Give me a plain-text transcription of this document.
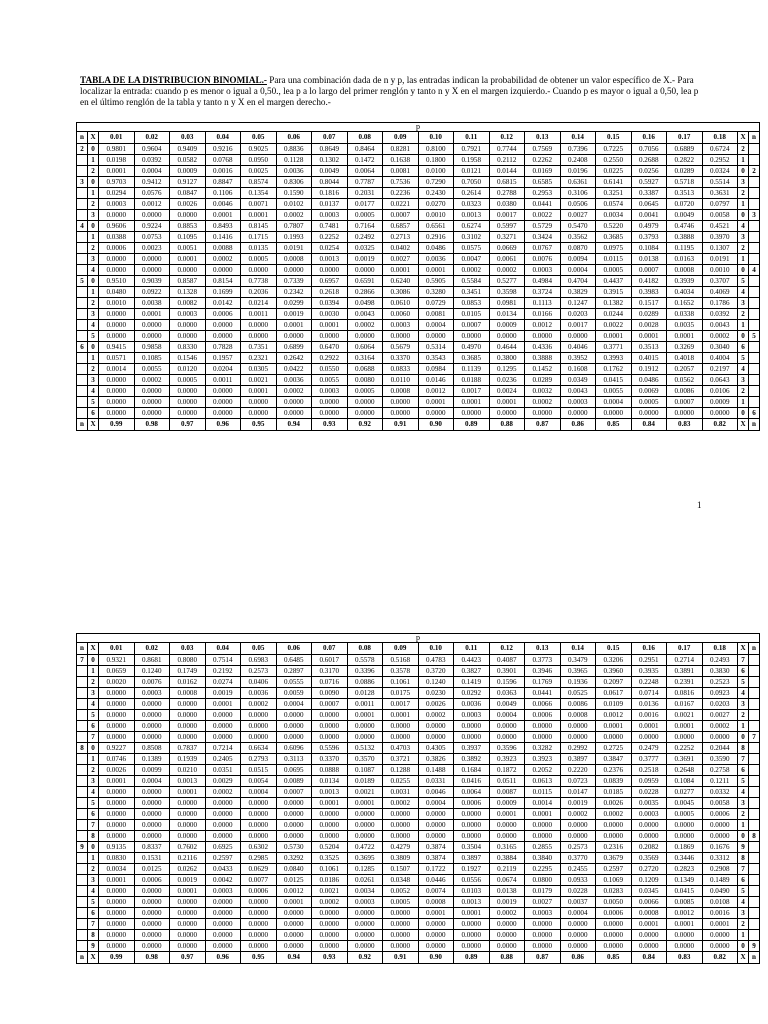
TABLA DE LA DISTRIBUCION BINOMIAL.- Para una combinación dada de n y p, las entradas indican la probabilidad de obtener un valor específico de X.- Para localizar la entrada: cuando p es menor o igual a 0,50., lea p a lo largo del primer renglón y tanto n y X en el margen izquierdo.- Cuando p es mayor o igual a 0,50, lea p en el último renglón de la tabla y tanto n y X en el margen derecho.-
p																					
n	X	0.01	0.02	0.03	0.04	0.05	0.06	0.07	0.08	0.09	0.10	0.11	0.12	0.13	0.14	0.15	0.16	0.17	0.18	X	n
2	0	0.9801	0.9604	0.9409	0.9216	0.9025	0.8836	0.8649	0.8464	0.8281	0.8100	0.7921	0.7744	0.7569	0.7396	0.7225	0.7056	0.6889	0.6724	2	
	1	0.0198	0.0392	0.0582	0.0768	0.0950	0.1128	0.1302	0.1472	0.1638	0.1800	0.1958	0.2112	0.2262	0.2408	0.2550	0.2688	0.2822	0.2952	1	
	2	0.0001	0.0004	0.0009	0.0016	0.0025	0.0036	0.0049	0.0064	0.0081	0.0100	0.0121	0.0144	0.0169	0.0196	0.0225	0.0256	0.0289	0.0324	0	2
3	0	0.9703	0.9412	0.9127	0.8847	0.8574	0.8306	0.8044	0.7787	0.7536	0.7290	0.7050	0.6815	0.6585	0.6361	0.6141	0.5927	0.5718	0.5514	3	
	1	0.0294	0.0576	0.0847	0.1106	0.1354	0.1590	0.1816	0.2031	0.2236	0.2430	0.2614	0.2788	0.2953	0.3106	0.3251	0.3387	0.3513	0.3631	2	
	2	0.0003	0.0012	0.0026	0.0046	0.0071	0.0102	0.0137	0.0177	0.0221	0.0270	0.0323	0.0380	0.0441	0.0506	0.0574	0.0645	0.0720	0.0797	1	
	3	0.0000	0.0000	0.0000	0.0001	0.0001	0.0002	0.0003	0.0005	0.0007	0.0010	0.0013	0.0017	0.0022	0.0027	0.0034	0.0041	0.0049	0.0058	0	3
4	0	0.9606	0.9224	0.8853	0.8493	0.8145	0.7807	0.7481	0.7164	0.6857	0.6561	0.6274	0.5997	0.5729	0.5470	0.5220	0.4979	0.4746	0.4521	4	
	1	0.0388	0.0753	0.1095	0.1416	0.1715	0.1993	0.2252	0.2492	0.2713	0.2916	0.3102	0.3271	0.3424	0.3562	0.3685	0.3793	0.3888	0.3970	3	
	2	0.0006	0.0023	0.0051	0.0088	0.0135	0.0191	0.0254	0.0325	0.0402	0.0486	0.0575	0.0669	0.0767	0.0870	0.0975	0.1084	0.1195	0.1307	2	
	3	0.0000	0.0000	0.0001	0.0002	0.0005	0.0008	0.0013	0.0019	0.0027	0.0036	0.0047	0.0061	0.0076	0.0094	0.0115	0.0138	0.0163	0.0191	1	
	4	0.0000	0.0000	0.0000	0.0000	0.0000	0.0000	0.0000	0.0000	0.0001	0.0001	0.0002	0.0002	0.0003	0.0004	0.0005	0.0007	0.0008	0.0010	0	4
5	0	0.9510	0.9039	0.8587	0.8154	0.7738	0.7339	0.6957	0.6591	0.6240	0.5905	0.5584	0.5277	0.4984	0.4704	0.4437	0.4182	0.3939	0.3707	5	
	1	0.0480	0.0922	0.1328	0.1699	0.2036	0.2342	0.2618	0.2866	0.3086	0.3280	0.3451	0.3598	0.3724	0.3829	0.3915	0.3983	0.4034	0.4069	4	
	2	0.0010	0.0038	0.0082	0.0142	0.0214	0.0299	0.0394	0.0498	0.0610	0.0729	0.0853	0.0981	0.1113	0.1247	0.1382	0.1517	0.1652	0.1786	3	
	3	0.0000	0.0001	0.0003	0.0006	0.0011	0.0019	0.0030	0.0043	0.0060	0.0081	0.0105	0.0134	0.0166	0.0203	0.0244	0.0289	0.0338	0.0392	2	
	4	0.0000	0.0000	0.0000	0.0000	0.0000	0.0001	0.0001	0.0002	0.0003	0.0004	0.0007	0.0009	0.0012	0.0017	0.0022	0.0028	0.0035	0.0043	1	
	5	0.0000	0.0000	0.0000	0.0000	0.0000	0.0000	0.0000	0.0000	0.0000	0.0000	0.0000	0.0000	0.0000	0.0000	0.0001	0.0001	0.0001	0.0002	0	5
6	0	0.9415	0.9858	0.8330	0.7828	0.7351	0.6899	0.6470	0.6064	0.5679	0.5314	0.4970	0.4644	0.4336	0.4046	0.3771	0.3513	0.3269	0.3040	6	
	1	0.0571	0.1085	0.1546	0.1957	0.2321	0.2642	0.2922	0.3164	0.3370	0.3543	0.3685	0.3800	0.3888	0.3952	0.3993	0.4015	0.4018	0.4004	5	
	2	0.0014	0.0055	0.0120	0.0204	0.0305	0.0422	0.0550	0.0688	0.0833	0.0984	0.1139	0.1295	0.1452	0.1608	0.1762	0.1912	0.2057	0.2197	4	
	3	0.0000	0.0002	0.0005	0.0011	0.0021	0.0036	0.0055	0.0080	0.0110	0.0146	0.0188	0.0236	0.0289	0.0349	0.0415	0.0486	0.0562	0.0643	3	
	4	0.0000	0.0000	0.0000	0.0000	0.0001	0.0002	0.0003	0.0005	0.0008	0.0012	0.0017	0.0024	0.0032	0.0043	0.0055	0.0069	0.0086	0.0106	2	
	5	0.0000	0.0000	0.0000	0.0000	0.0000	0.0000	0.0000	0.0000	0.0000	0.0001	0.0001	0.0001	0.0002	0.0003	0.0004	0.0005	0.0007	0.0009	1	
	6	0.0000	0.0000	0.0000	0.0000	0.0000	0.0000	0.0000	0.0000	0.0000	0.0000	0.0000	0.0000	0.0000	0.0000	0.0000	0.0000	0.0000	0.0000	0	6
n	X	0.99	0.98	0.97	0.96	0.95	0.94	0.93	0.92	0.91	0.90	0.89	0.88	0.87	0.86	0.85	0.84	0.83	0.82	X	n
1
p																					
n	X	0.01	0.02	0.03	0.04	0.05	0.06	0.07	0.08	0.09	0.10	0.11	0.12	0.13	0.14	0.15	0.16	0.17	0.18	X	n
7	0	0.9321	0.8681	0.8080	0.7514	0.6983	0.6485	0.6017	0.5578	0.5168	0.4783	0.4423	0.4087	0.3773	0.3479	0.3206	0.2951	0.2714	0.2493	7	
	1	0.0659	0.1240	0.1749	0.2192	0.2573	0.2897	0.3170	0.3396	0.3578	0.3720	0.3827	0.3901	0.3946	0.3965	0.3960	0.3935	0.3891	0.3830	6	
	2	0.0020	0.0076	0.0162	0.0274	0.0406	0.0555	0.0716	0.0886	0.1061	0.1240	0.1419	0.1596	0.1769	0.1936	0.2097	0.2248	0.2391	0.2523	5	
	3	0.0000	0.0003	0.0008	0.0019	0.0036	0.0059	0.0090	0.0128	0.0175	0.0230	0.0292	0.0363	0.0441	0.0525	0.0617	0.0714	0.0816	0.0923	4	
	4	0.0000	0.0000	0.0000	0.0001	0.0002	0.0004	0.0007	0.0011	0.0017	0.0026	0.0036	0.0049	0.0066	0.0086	0.0109	0.0136	0.0167	0.0203	3	
	5	0.0000	0.0000	0.0000	0.0000	0.0000	0.0000	0.0000	0.0001	0.0001	0.0002	0.0003	0.0004	0.0006	0.0008	0.0012	0.0016	0.0021	0.0027	2	
	6	0.0000	0.0000	0.0000	0.0000	0.0000	0.0000	0.0000	0.0000	0.0000	0.0000	0.0000	0.0000	0.0000	0.0000	0.0001	0.0001	0.0001	0.0002	1	
	7	0.0000	0.0000	0.0000	0.0000	0.0000	0.0000	0.0000	0.0000	0.0000	0.0000	0.0000	0.0000	0.0000	0.0000	0.0000	0.0000	0.0000	0.0000	0	7
8	0	0.9227	0.8508	0.7837	0.7214	0.6634	0.6096	0.5596	0.5132	0.4703	0.4305	0.3937	0.3596	0.3282	0.2992	0.2725	0.2479	0.2252	0.2044	8	
	1	0.0746	0.1389	0.1939	0.2405	0.2793	0.3113	0.3370	0.3570	0.3721	0.3826	0.3892	0.3923	0.3923	0.3897	0.3847	0.3777	0.3691	0.3590	7	
	2	0.0026	0.0099	0.0210	0.0351	0.0515	0.0695	0.0888	0.1087	0.1288	0.1488	0.1684	0.1872	0.2052	0.2220	0.2376	0.2518	0.2648	0.2758	6	
	3	0.0001	0.0004	0.0013	0.0029	0.0054	0.0089	0.0134	0.0189	0.0255	0.0331	0.0416	0.0511	0.0613	0.0723	0.0839	0.0959	0.1084	0.1211	5	
	4	0.0000	0.0000	0.0001	0.0002	0.0004	0.0007	0.0013	0.0021	0.0031	0.0046	0.0064	0.0087	0.0115	0.0147	0.0185	0.0228	0.0277	0.0332	4	
	5	0.0000	0.0000	0.0000	0.0000	0.0000	0.0000	0.0001	0.0001	0.0002	0.0004	0.0006	0.0009	0.0014	0.0019	0.0026	0.0035	0.0045	0.0058	3	
	6	0.0000	0.0000	0.0000	0.0000	0.0000	0.0000	0.0000	0.0000	0.0000	0.0000	0.0000	0.0001	0.0001	0.0002	0.0002	0.0003	0.0005	0.0006	2	
	7	0.0000	0.0000	0.0000	0.0000	0.0000	0.0000	0.0000	0.0000	0.0000	0.0000	0.0000	0.0000	0.0000	0.0000	0.0000	0.0000	0.0000	0.0000	1	
	8	0.0000	0.0000	0.0000	0.0000	0.0000	0.0000	0.0000	0.0000	0.0000	0.0000	0.0000	0.0000	0.0000	0.0000	0.0000	0.0000	0.0000	0.0000	0	8
9	0	0.9135	0.8337	0.7602	0.6925	0.6302	0.5730	0.5204	0.4722	0.4279	0.3874	0.3504	0.3165	0.2855	0.2573	0.2316	0.2082	0.1869	0.1676	9	
	1	0.0830	0.1531	0.2116	0.2597	0.2985	0.3292	0.3525	0.3695	0.3809	0.3874	0.3897	0.3884	0.3840	0.3770	0.3679	0.3569	0.3446	0.3312	8	
	2	0.0034	0.0125	0.0262	0.0433	0.0629	0.0840	0.1061	0.1285	0.1507	0.1722	0.1927	0.2119	0.2295	0.2455	0.2597	0.2720	0.2823	0.2908	7	
	3	0.0001	0.0006	0.0019	0.0042	0.0077	0.0125	0.0186	0.0261	0.0348	0.0446	0.0556	0.0674	0.0800	0.0933	0.1069	0.1209	0.1349	0.1489	6	
	4	0.0000	0.0000	0.0001	0.0003	0.0006	0.0012	0.0021	0.0034	0.0052	0.0074	0.0103	0.0138	0.0179	0.0228	0.0283	0.0345	0.0415	0.0490	5	
	5	0.0000	0.0000	0.0000	0.0000	0.0000	0.0001	0.0002	0.0003	0.0005	0.0008	0.0013	0.0019	0.0027	0.0037	0.0050	0.0066	0.0085	0.0108	4	
	6	0.0000	0.0000	0.0000	0.0000	0.0000	0.0000	0.0000	0.0000	0.0000	0.0001	0.0001	0.0002	0.0003	0.0004	0.0006	0.0008	0.0012	0.0016	3	
	7	0.0000	0.0000	0.0000	0.0000	0.0000	0.0000	0.0000	0.0000	0.0000	0.0000	0.0000	0.0000	0.0000	0.0000	0.0000	0.0001	0.0001	0.0001	2	
	8	0.0000	0.0000	0.0000	0.0000	0.0000	0.0000	0.0000	0.0000	0.0000	0.0000	0.0000	0.0000	0.0000	0.0000	0.0000	0.0000	0.0000	0.0000	1	
	9	0.0000	0.0000	0.0000	0.0000	0.0000	0.0000	0.0000	0.0000	0.0000	0.0000	0.0000	0.0000	0.0000	0.0000	0.0000	0.0000	0.0000	0.0000	0	9
n	X	0.99	0.98	0.97	0.96	0.95	0.94	0.93	0.92	0.91	0.90	0.89	0.88	0.87	0.86	0.85	0.84	0.83	0.82	X	n
